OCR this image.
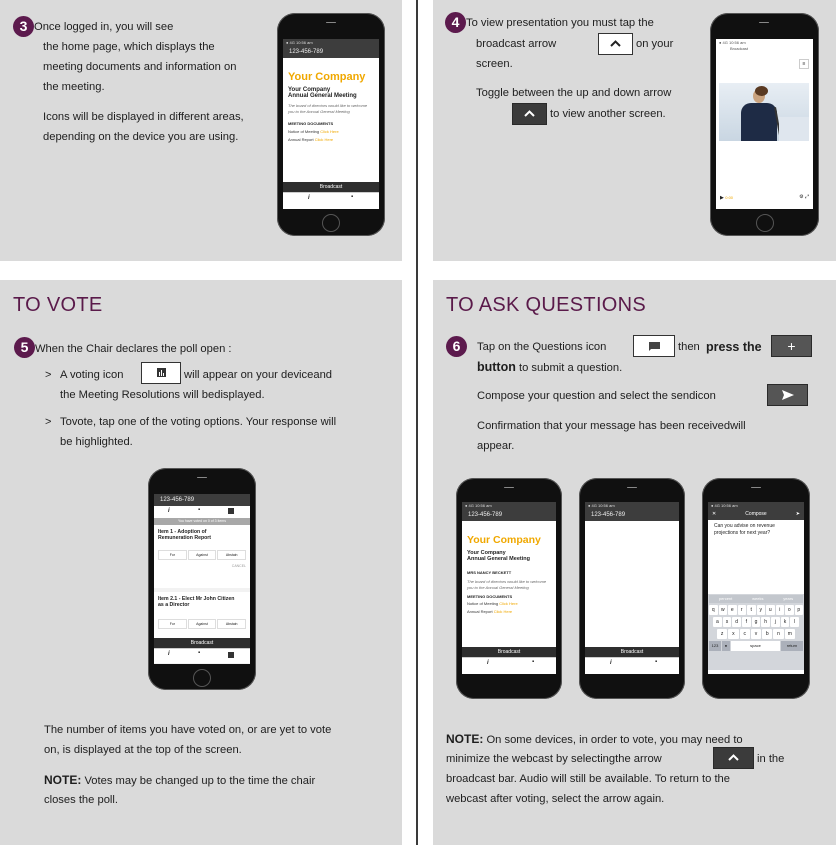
3 Once logged in, you will see
the home page, which displays the
meeting documents and information on
the meeting.
Icons will be displayed in different areas,
depending on the device you are using.
● 4G 10:56 am
123-456-789
Your Company
Your Company
Annual General Meeting
The board of directors would like to welcome you to the Annual General Meeting
MEETING DOCUMENTS
Notice of Meeting Click Here
Annual Report Click Here
Broadcast
i	▪
4 To view presentation you must tap the
broadcast arrow	on your
screen.
Toggle between the up and down arrow
to view another screen.
● 4G 10:56 am
Broadcast
≡
▶ 0:00	⚙ ⤢
TO VOTE
5 When the Chair declares the poll open :
> A voting icon	will appear on your deviceand
the Meeting Resolutions will bedisplayed.
> Tovote, tap one of the voting options. Your response will
be highlighted.
123-456-789
i	▪
You have voted on 0 of 3 items
Item 1 - Adoption of
Remuneration Report
For	Against	Abstain
CANCEL
Item 2.1 - Elect Mr John Citizen
as a Director
For	Against	Abstain
Broadcast
i	▪
The number of items you have voted on, or are yet to vote
on, is displayed at the top of the screen.
NOTE: Votes may be changed up to the time the chair
closes the poll.
TO ASK QUESTIONS
6	Tap on the Questions icon	then press the	+
button to submit a question.
Compose your question and select the sendicon
Confirmation that your message has been receivedwill
appear.
● 4G 10:56 am
123-456-789
Your Company
Your Company
Annual General Meeting
MRS NANCY BECKETT
The board of directors would like to welcome you to the Annual General Meeting
MEETING DOCUMENTS
Notice of Meeting Click Here
Annual Report Click Here
Broadcast
i	▪
● 4G 10:56 am
123-456-789
Broadcast
i	▪
● 4G 10:56 am
✕	Compose	➤
Can you advise on revenue projections for next year?
percent	weeks	years
q	w	e	r	t	y	u	i	o	p
a	s	d	f	g	h	j	k	l
z	x	c	v	b	n	m
123	●	space	return
NOTE: On some devices, in order to vote, you may need to
minimize the webcast by selectingthe arrow	in the
broadcast bar. Audio will still be available. To return to the
webcast after voting, select the arrow again.
